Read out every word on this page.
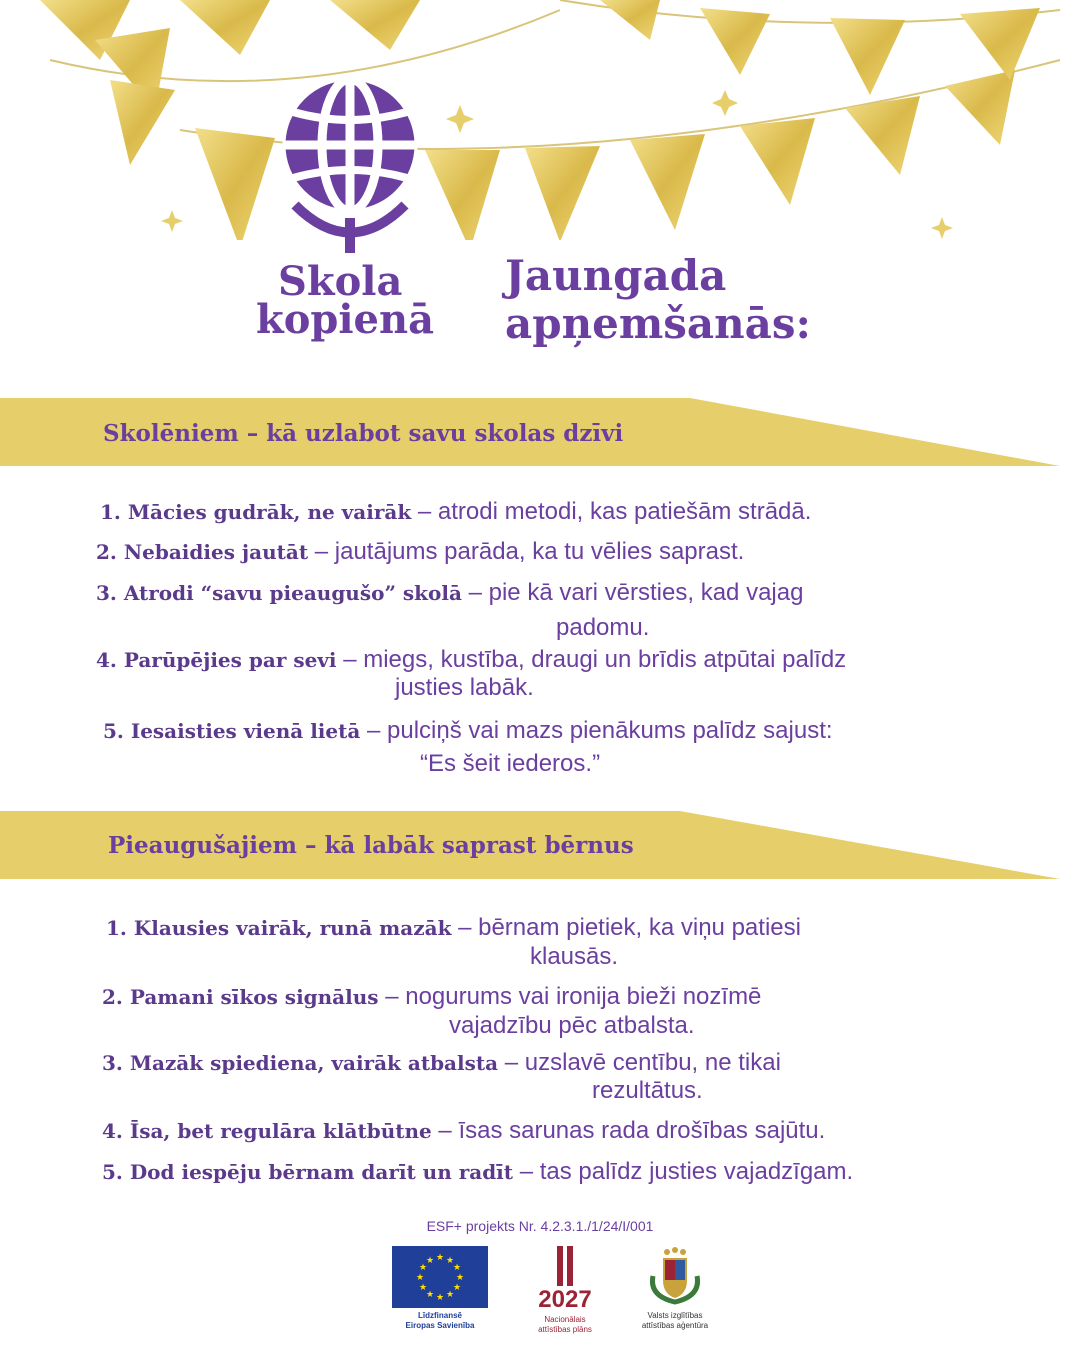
Skola
kopienā
Jaungada
apņemšanās:
Skolēniem – kā uzlabot savu skolas dzīvi
1. Mācies gudrāk, ne vairāk – atrodi metodi, kas patiešām strādā.
2. Nebaidies jautāt – jautājums parāda, ka tu vēlies saprast.
3. Atrodi “savu pieaugušo” skolā – pie kā vari vērsties, kad vajag
padomu.
4. Parūpējies par sevi – miegs, kustība, draugi un brīdis atpūtai palīdz
justies labāk.
5. Iesaisties vienā lietā – pulciņš vai mazs pienākums palīdz sajust:
“Es šeit iederos.”
Pieaugušajiem – kā labāk saprast bērnus
1. Klausies vairāk, runā mazāk – bērnam pietiek, ka viņu patiesi
klausās.
2. Pamani sīkos signālus – nogurums vai ironija bieži nozīmē
vajadzību pēc atbalsta.
3. Mazāk spiediena, vairāk atbalsta – uzslavē centību, ne tikai
rezultātus.
4. Īsa, bet regulāra klātbūtne – īsas sarunas rada drošības sajūtu.
5. Dod iespēju bērnam darīt un radīt – tas palīdz justies vajadzīgam.
ESF+ projekts Nr. 4.2.3.1./1/24/I/001
★ ★
★
★
★
★
★
★
★
★
★
★
Līdzfinansē
Eiropas Savienība
2027
Nacionālais
attīstības plāns
Valsts izglītības
attīstības aģentūra
